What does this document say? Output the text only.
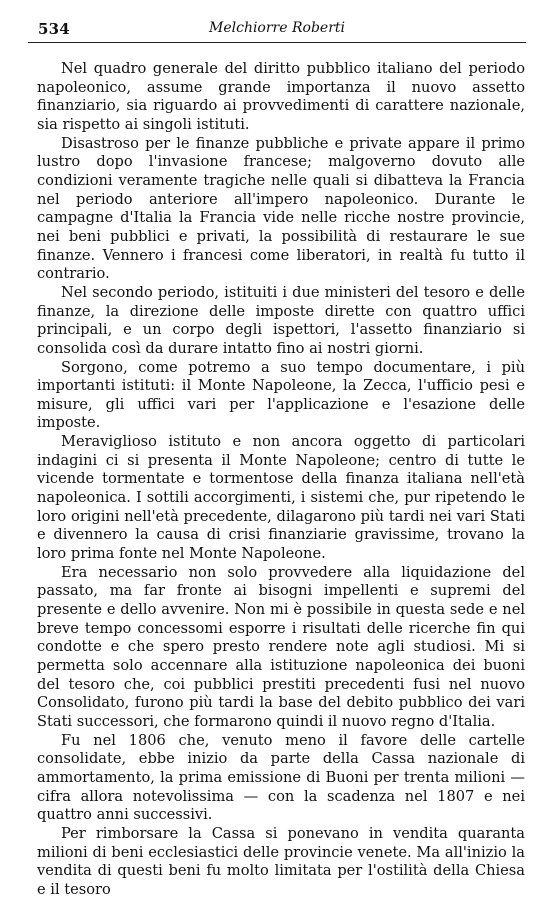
534	Melchiorre Roberti

Nel quadro generale del diritto pubblico italiano del periodo napoleonico, assume grande importanza il nuovo assetto finanziario, sia riguardo ai provvedimenti di carattere nazionale, sia rispetto ai singoli istituti.

Disastroso per le finanze pubbliche e private appare il primo lustro dopo l'invasione francese; malgoverno dovuto alle condizioni veramente tragiche nelle quali si dibatteva la Francia nel periodo anteriore all'impero napoleonico. Durante le campagne d'Italia la Francia vide nelle ricche nostre provincie, nei beni pubblici e privati, la possibilità di restaurare le sue finanze. Vennero i francesi come liberatori, in realtà fu tutto il contrario.

Nel secondo periodo, istituiti i due ministeri del tesoro e delle finanze, la direzione delle imposte dirette con quattro uffici principali, e un corpo degli ispettori, l'assetto finanziario si consolida così da durare intatto fino ai nostri giorni.

Sorgono, come potremo a suo tempo documentare, i più importanti istituti: il Monte Napoleone, la Zecca, l'ufficio pesi e misure, gli uffici vari per l'applicazione e l'esazione delle imposte.

Meraviglioso istituto e non ancora oggetto di particolari indagini ci si presenta il Monte Napoleone; centro di tutte le vicende tormentate e tormentose della finanza italiana nell'età napoleonica. I sottili accorgimenti, i sistemi che, pur ripetendo le loro origini nell'età precedente, dilagarono più tardi nei vari Stati e divennero la causa di crisi finanziarie gravissime, trovano la loro prima fonte nel Monte Napoleone.

Era necessario non solo provvedere alla liquidazione del passato, ma far fronte ai bisogni impellenti e supremi del presente e dello avvenire. Non mi è possibile in questa sede e nel breve tempo concessomi esporre i risultati delle ricerche fin qui condotte e che spero presto rendere note agli studiosi. Mi si permetta solo accennare alla istituzione napoleonica dei buoni del tesoro che, coi pubblici prestiti precedenti fusi nel nuovo Consolidato, furono più tardi la base del debito pubblico dei vari Stati successori, che formarono quindi il nuovo regno d'Italia.

Fu nel 1806 che, venuto meno il favore delle cartelle consolidate, ebbe inizio da parte della Cassa nazionale di ammortamento, la prima emissione di Buoni per trenta milioni — cifra allora notevolissima — con la scadenza nel 1807 e nei quattro anni successivi.

Per rimborsare la Cassa si ponevano in vendita quaranta milioni di beni ecclesiastici delle provincie venete. Ma all'inizio la vendita di questi beni fu molto limitata per l'ostilità della Chiesa e il tesoro
